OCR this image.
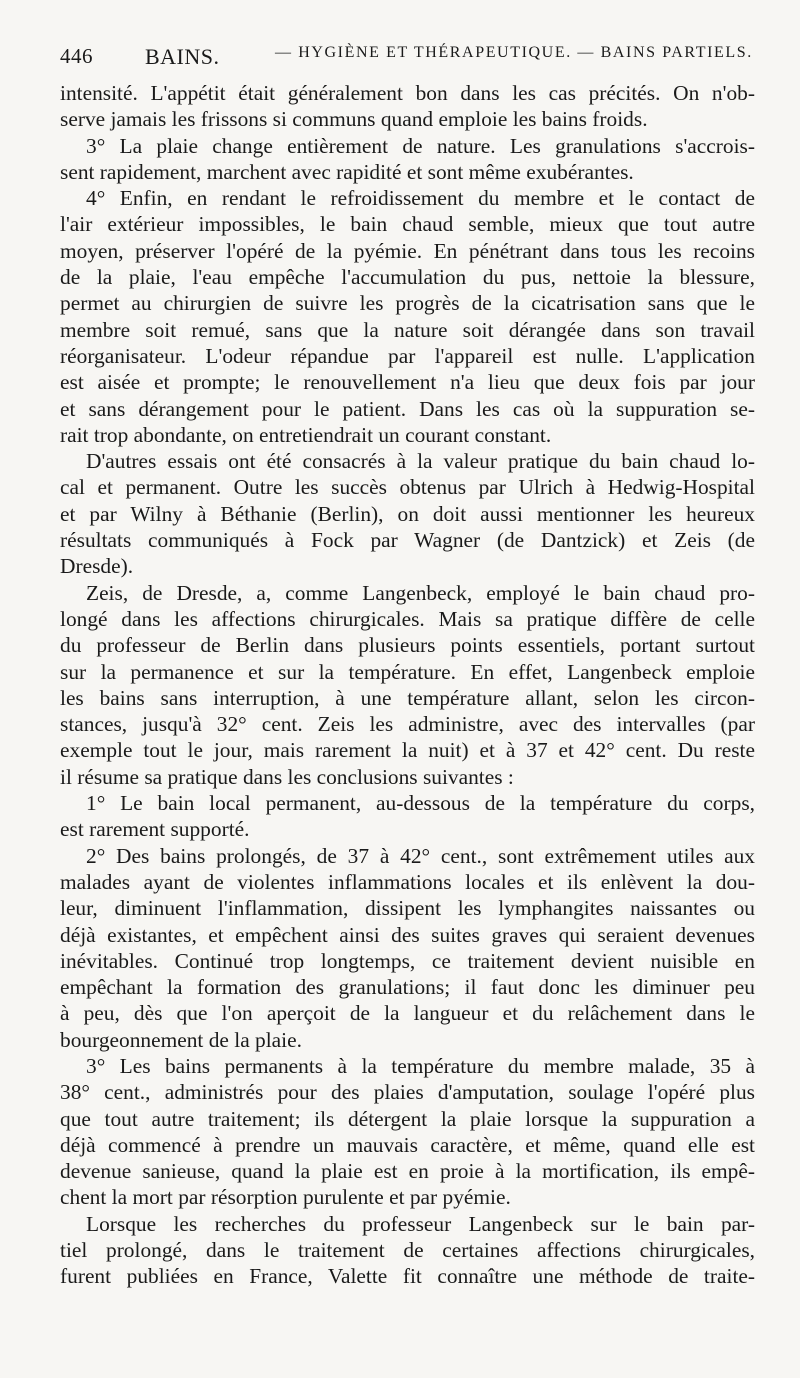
446 BAINS.	— HYGIÈNE ET THÉRAPEUTIQUE. — BAINS PARTIELS.
intensité. L'appétit était généralement bon dans les cas précités. On n'ob-
serve jamais les frissons si communs quand emploie les bains froids.
3° La plaie change entièrement de nature. Les granulations s'accrois-
sent rapidement, marchent avec rapidité et sont même exubérantes.
4° Enfin, en rendant le refroidissement du membre et le contact de
l'air extérieur impossibles, le bain chaud semble, mieux que tout autre
moyen, préserver l'opéré de la pyémie. En pénétrant dans tous les recoins
de la plaie, l'eau empêche l'accumulation du pus, nettoie la blessure,
permet au chirurgien de suivre les progrès de la cicatrisation sans que le
membre soit remué, sans que la nature soit dérangée dans son travail
réorganisateur. L'odeur répandue par l'appareil est nulle. L'application
est aisée et prompte; le renouvellement n'a lieu que deux fois par jour
et sans dérangement pour le patient. Dans les cas où la suppuration se-
rait trop abondante, on entretiendrait un courant constant.
D'autres essais ont été consacrés à la valeur pratique du bain chaud lo-
cal et permanent. Outre les succès obtenus par Ulrich à Hedwig-Hospital
et par Wilny à Béthanie (Berlin), on doit aussi mentionner les heureux
résultats communiqués à Fock par Wagner (de Dantzick) et Zeis (de
Dresde).
Zeis, de Dresde, a, comme Langenbeck, employé le bain chaud pro-
longé dans les affections chirurgicales. Mais sa pratique diffère de celle
du professeur de Berlin dans plusieurs points essentiels, portant surtout
sur la permanence et sur la température. En effet, Langenbeck emploie
les bains sans interruption, à une température allant, selon les circon-
stances, jusqu'à 32° cent. Zeis les administre, avec des intervalles (par
exemple tout le jour, mais rarement la nuit) et à 37 et 42° cent. Du reste
il résume sa pratique dans les conclusions suivantes :
1° Le bain local permanent, au-dessous de la température du corps,
est rarement supporté.
2° Des bains prolongés, de 37 à 42° cent., sont extrêmement utiles aux
malades ayant de violentes inflammations locales et ils enlèvent la dou-
leur, diminuent l'inflammation, dissipent les lymphangites naissantes ou
déjà existantes, et empêchent ainsi des suites graves qui seraient devenues
inévitables. Continué trop longtemps, ce traitement devient nuisible en
empêchant la formation des granulations; il faut donc les diminuer peu
à peu, dès que l'on aperçoit de la langueur et du relâchement dans le
bourgeonnement de la plaie.
3° Les bains permanents à la température du membre malade, 35 à
38° cent., administrés pour des plaies d'amputation, soulage l'opéré plus
que tout autre traitement; ils détergent la plaie lorsque la suppuration a
déjà commencé à prendre un mauvais caractère, et même, quand elle est
devenue sanieuse, quand la plaie est en proie à la mortification, ils empê-
chent la mort par résorption purulente et par pyémie.
Lorsque les recherches du professeur Langenbeck sur le bain par-
tiel prolongé, dans le traitement de certaines affections chirurgicales,
furent publiées en France, Valette fit connaître une méthode de traite-
